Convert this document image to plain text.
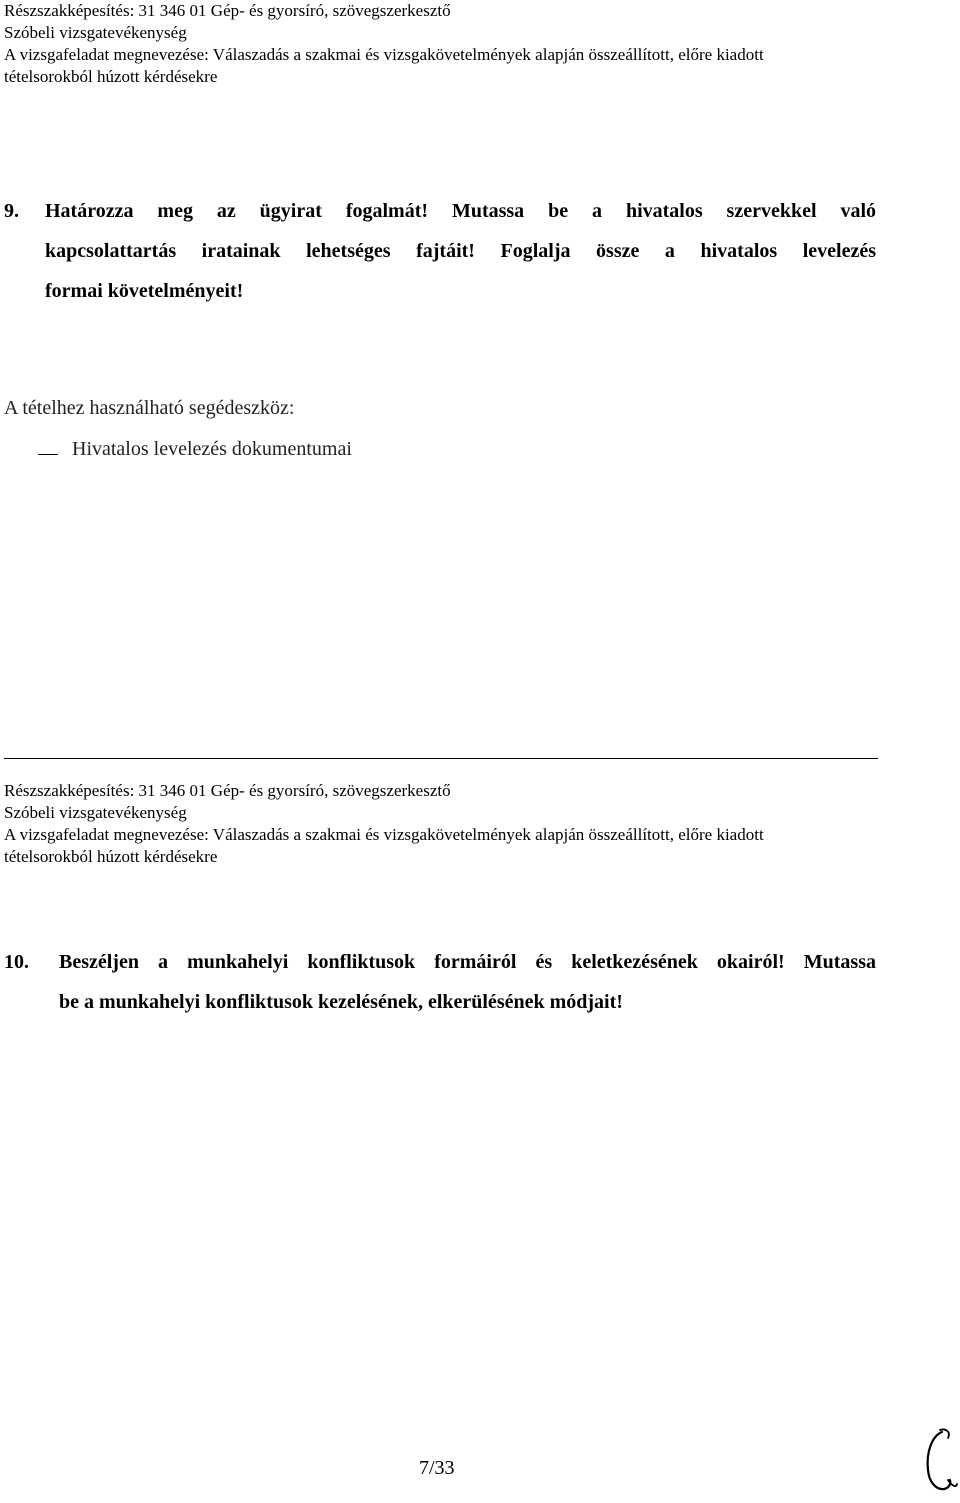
Részszakképesítés: 31 346 01 Gép- és gyorsíró, szövegszerkesztő
Szóbeli vizsgatevékenység
A vizsgafeladat megnevezése: Válaszadás a szakmai és vizsgakövetelmények alapján összeállított, előre kiadott
tételsorokból húzott kérdésekre
9. Határozza meg az ügyirat fogalmát! Mutassa be a hivatalos szervekkel való
kapcsolattartás iratainak lehetséges fajtáit! Foglalja össze a hivatalos levelezés
formai követelményeit!
A tételhez használható segédeszköz:
Hivatalos levelezés dokumentumai
Részszakképesítés: 31 346 01 Gép- és gyorsíró, szövegszerkesztő
Szóbeli vizsgatevékenység
A vizsgafeladat megnevezése: Válaszadás a szakmai és vizsgakövetelmények alapján összeállított, előre kiadott
tételsorokból húzott kérdésekre
10. Beszéljen a munkahelyi konfliktusok formáiról és keletkezésének okairól! Mutassa
be a munkahelyi konfliktusok kezelésének, elkerülésének módjait!
7/33
